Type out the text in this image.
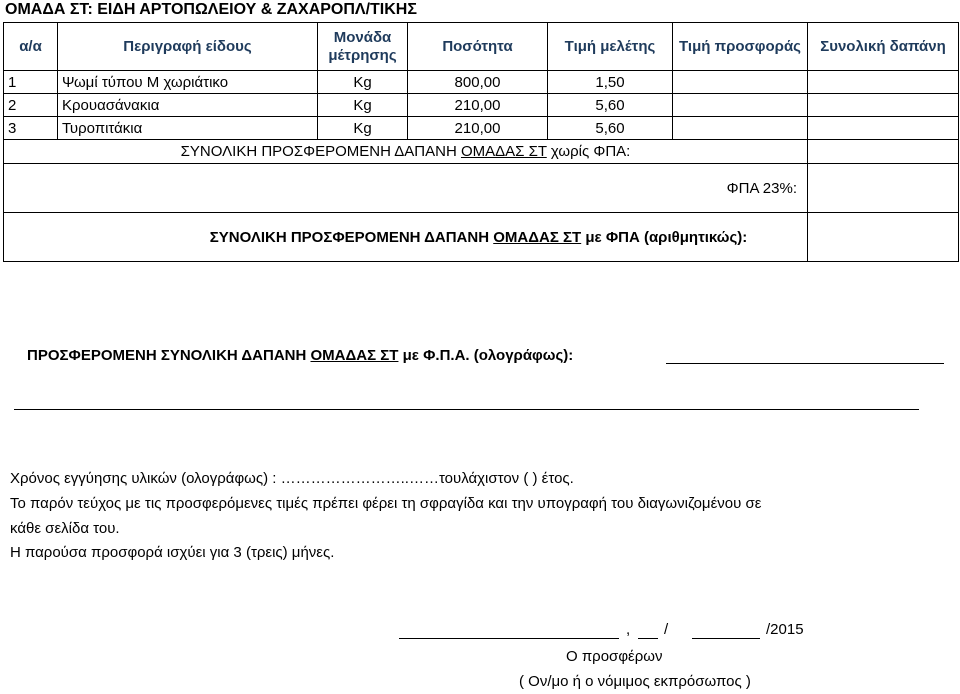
ΟΜΑΔΑ ΣΤ: ΕΙΔΗ ΑΡΤΟΠΩΛΕΙΟΥ & ΖΑΧΑΡΟΠΛ/ΤΙΚΗΣ
α/α	Περιγραφή είδους	Μονάδα μέτρησης	Ποσότητα	Τιμή μελέτης	Τιμή προσφοράς	Συνολική δαπάνη
1	Ψωμί τύπου Μ χωριάτικο	Kg	800,00	1,50		
2	Κρουασάνακια	Kg	210,00	5,60		
3	Τυροπιτάκια	Kg	210,00	5,60		
ΣΥΝΟΛΙΚΗ ΠΡΟΣΦΕΡΟΜΕΝΗ ΔΑΠΑΝΗ ΟΜΑΔΑΣ ΣΤ χωρίς ΦΠΑ:						
ΦΠΑ 23%:						
ΣΥΝΟΛΙΚΗ ΠΡΟΣΦΕΡΟΜΕΝΗ ΔΑΠΑΝΗ ΟΜΑΔΑΣ ΣΤ με ΦΠΑ (αριθμητικώς):						
ΠΡΟΣΦΕΡΟΜΕΝΗ ΣΥΝΟΛΙΚΗ ΔΑΠΑΝΗ ΟΜΑΔΑΣ ΣΤ με Φ.Π.Α. (ολογράφως):
Χρόνος εγγύησης υλικών (ολογράφως) : ……………………..……τουλάχιστον ( ) έτος.
Το παρόν τεύχος με τις προσφερόμενες τιμές πρέπει φέρει τη σφραγίδα και την υπογραφή του διαγωνιζομένου σε
κάθε σελίδα του.
Η παρούσα προσφορά ισχύει για 3 (τρεις) μήνες.
, /	/2015
Ο προσφέρων
( Ον/μο ή ο νόμιμος εκπρόσωπος )
